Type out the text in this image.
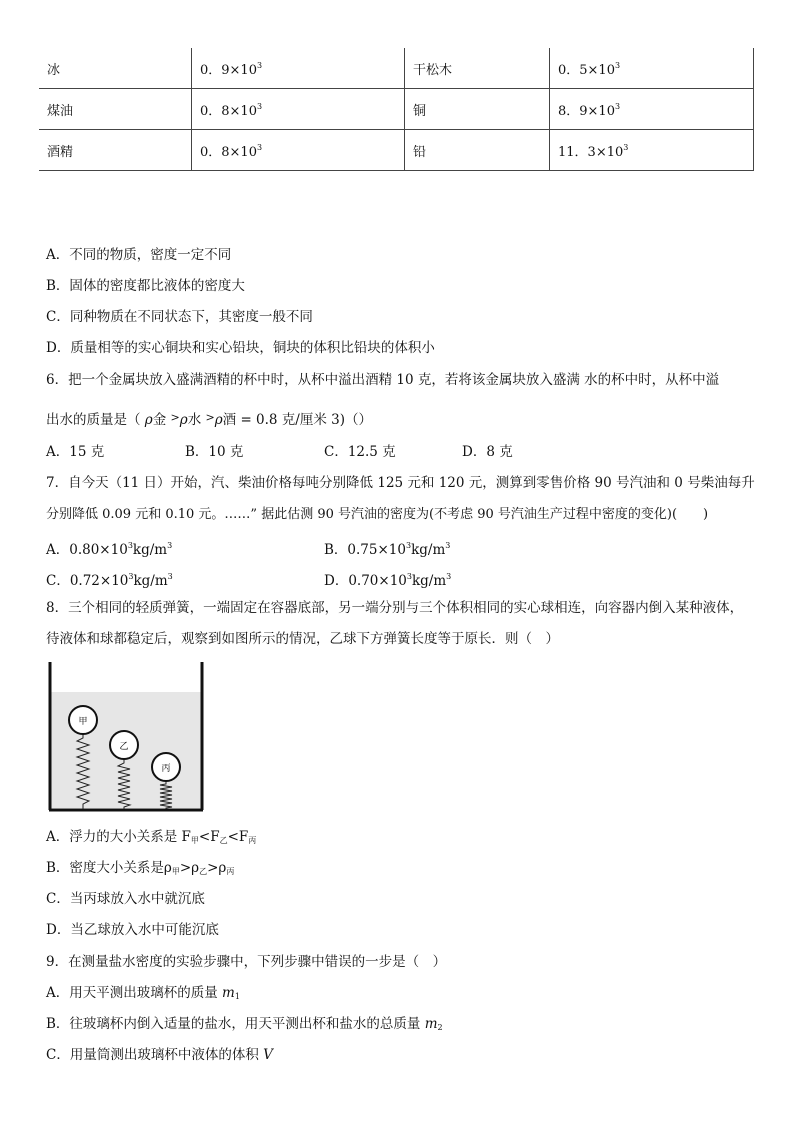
冰	0．$9\times 10^3$	干松木	0．$5\times 10^3$
煤油	0．$8\times 10^3$	铜	8．$9\times 10^3$
酒精	0．$8\times 10^3$	铅	11．$3\times 10^3$
A．不同的物质，密度一定不同
B．固体的密度都比液体的密度大
C．同种物质在不同状态下，其密度一般不同
D．质量相等的实心铜块和实心铅块，铜块的体积比铅块的体积小
6．把一个金属块放入盛满酒精的杯中时，从杯中溢出酒精 10 克，若将该金属块放入盛满 水的杯中时，从杯中溢
出水的质量是（ ρ金 >ρ水 >ρ酒 = 0.8 克/厘米 3)（）
A．15 克	B．10 克	C．12.5 克	D．8 克
7．自今天（11 日）开始，汽、柴油价格每吨分别降低 125 元和 120 元，测算到零售价格 90 号汽油和 0 号柴油每升
分别降低 0.09 元和 0.10 元。……” 据此估测 90 号汽油的密度为(不考虑 90 号汽油生产过程中密度的变化)(　　)
A．$0.80\times 10^3kg/m^3$	B．$0.75\times 10^3kg/m^3$
C．$0.72\times 10^3kg/m^3$	D．$0.70\times 10^3kg/m^3$
8．三个相同的轻质弹簧，一端固定在容器底部，另一端分别与三个体积相同的实心球相连，向容器内倒入某种液体，
待液体和球都稳定后，观察到如图所示的情况，乙球下方弹簧长度等于原长．则（　）
甲
乙
丙
A．浮力的大小关系是 $F_甲<F_乙<F_丙$
B．密度大小关系是$\rho_甲>\rho_乙>\rho_丙$
C．当丙球放入水中就沉底
D．当乙球放入水中可能沉底
9．在测量盐水密度的实验步骤中，下列步骤中错误的一步是（　）
A．用天平测出玻璃杯的质量 $m_1$
B．往玻璃杯内倒入适量的盐水，用天平测出杯和盐水的总质量 $m_2$
C．用量筒测出玻璃杯中液体的体积 V
